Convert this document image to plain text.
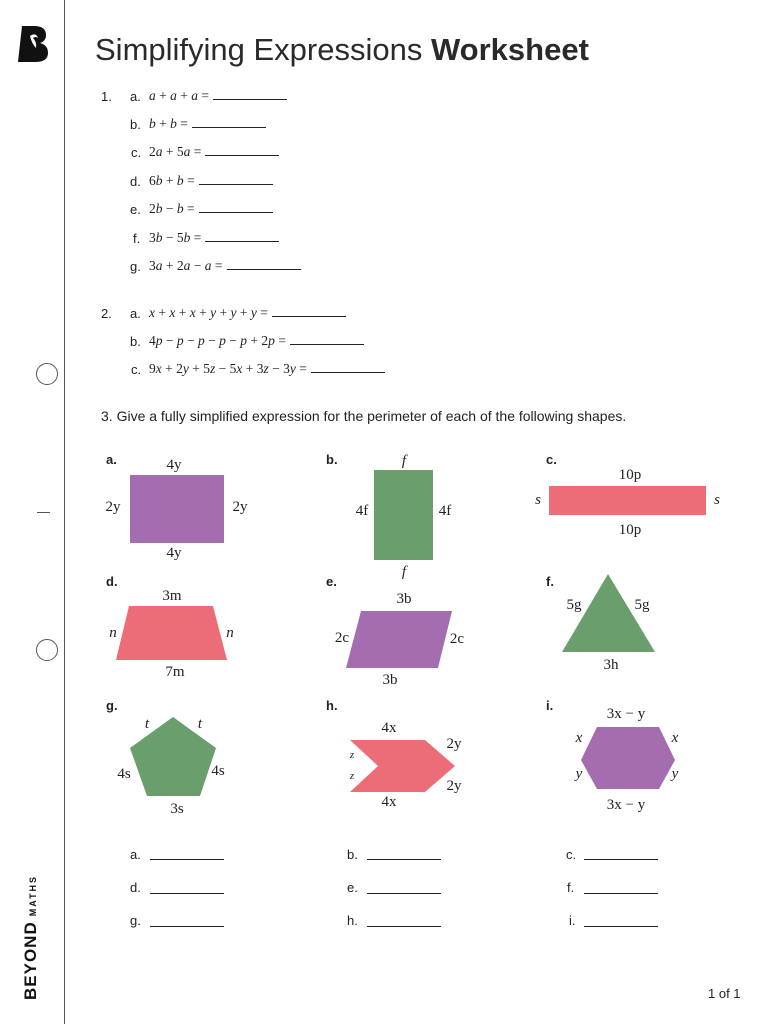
BEYONDMATHS
Simplifying Expressions Worksheet
1. a. a + a + a =
b. b + b =
c. 2a + 5a =
d. 6b + b =
e. 2b − b =
f. 3b − 5b =
g. 3a + 2a − a =
2. a. x + x + x + y + y + y =
b. 4p − p − p − p − p + 2p =
c. 9x + 2y + 5z − 5x + 3z − 3y =
3. Give a fully simplified expression for the perimeter of each of the following shapes.
a.	b.	c.
d.	e.	f.
g.	h.	i.
4y
4y
2y	2y
f
f
4f	4f
10p
10p
s	s
3m
7m
n	n
3b
3b
2c	2c
5g	5g
3h
t	t
4s	4s
3s
4x
4x
2y
2y
z
z
3x − y
3x − y
x	x
y	y
a.	b.	c.
d.	e.	f.
g.	h.	i.
1 of 1
